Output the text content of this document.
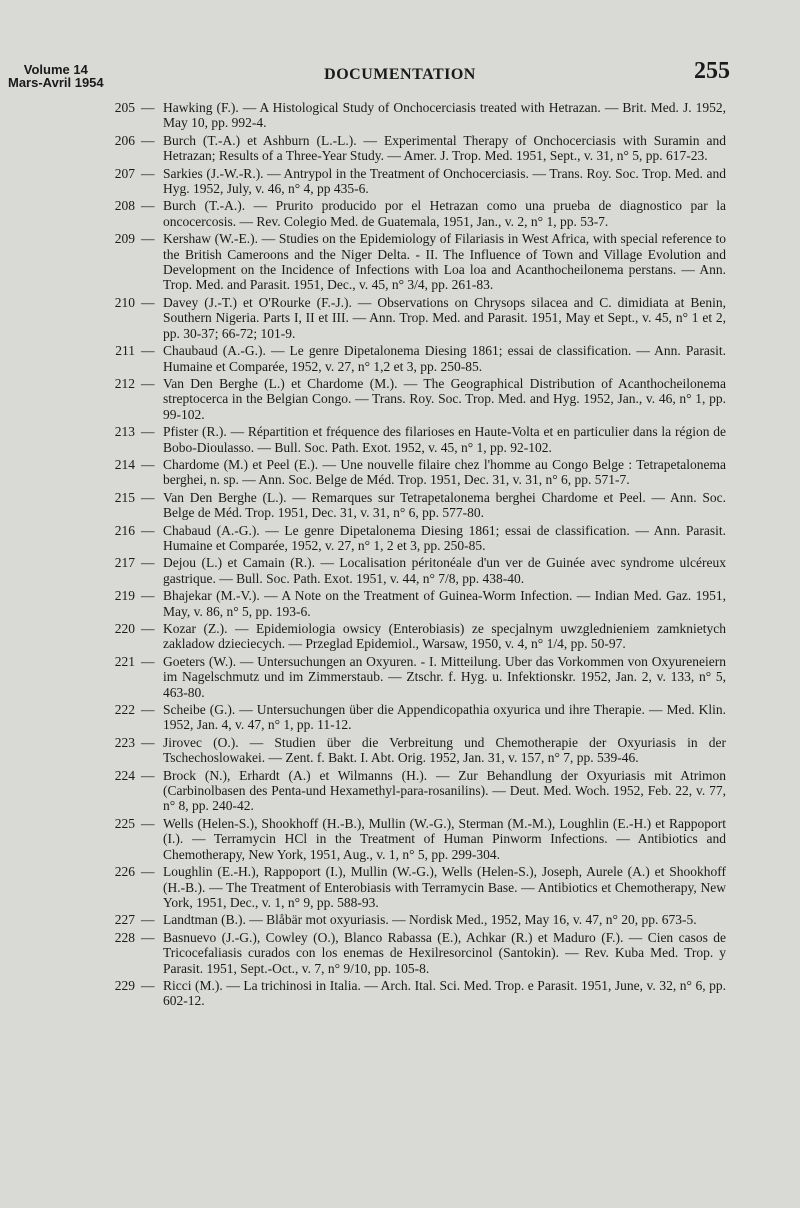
Volume 14
Mars-Avril 1954	DOCUMENTATION	255
205 — Hawking (F.). — A Histological Study of Onchocerciasis treated with Hetrazan. — Brit. Med. J. 1952, May 10, pp. 992-4.
206 — Burch (T.-A.) et Ashburn (L.-L.). — Experimental Therapy of Onchocerciasis with Suramin and Hetrazan; Results of a Three-Year Study. — Amer. J. Trop. Med. 1951, Sept., v. 31, n° 5, pp. 617-23.
207 — Sarkies (J.-W.-R.). — Antrypol in the Treatment of Onchocerciasis. — Trans. Roy. Soc. Trop. Med. and Hyg. 1952, July, v. 46, n° 4, pp 435-6.
208 — Burch (T.-A.). — Prurito producido por el Hetrazan como una prueba de diagnostico par la oncocercosis. — Rev. Colegio Med. de Guatemala, 1951, Jan., v. 2, n° 1, pp. 53-7.
209 — Kershaw (W.-E.). — Studies on the Epidemiology of Filariasis in West Africa, with special reference to the British Cameroons and the Niger Delta. - II. The Influence of Town and Village Evolution and Development on the Incidence of Infections with Loa loa and Acanthocheilonema perstans. — Ann. Trop. Med. and Parasit. 1951, Dec., v. 45, n° 3/4, pp. 261-83.
210 — Davey (J.-T.) et O'Rourke (F.-J.). — Observations on Chrysops silacea and C. dimidiata at Benin, Southern Nigeria. Parts I, II et III. — Ann. Trop. Med. and Parasit. 1951, May et Sept., v. 45, n° 1 et 2, pp. 30-37; 66-72; 101-9.
211 — Chaubaud (A.-G.). — Le genre Dipetalonema Diesing 1861; essai de classification. — Ann. Parasit. Humaine et Comparée, 1952, v. 27, n° 1,2 et 3, pp. 250-85.
212 — Van Den Berghe (L.) et Chardome (M.). — The Geographical Distribution of Acanthocheilonema streptocerca in the Belgian Congo. — Trans. Roy. Soc. Trop. Med. and Hyg. 1952, Jan., v. 46, n° 1, pp. 99-102.
213 — Pfister (R.). — Répartition et fréquence des filarioses en Haute-Volta et en particulier dans la région de Bobo-Dioulasso. — Bull. Soc. Path. Exot. 1952, v. 45, n° 1, pp. 92-102.
214 — Chardome (M.) et Peel (E.). — Une nouvelle filaire chez l'homme au Congo Belge : Tetrapetalonema berghei, n. sp. — Ann. Soc. Belge de Méd. Trop. 1951, Dec. 31, v. 31, n° 6, pp. 571-7.
215 — Van Den Berghe (L.). — Remarques sur Tetrapetalonema berghei Chardome et Peel. — Ann. Soc. Belge de Méd. Trop. 1951, Dec. 31, v. 31, n° 6, pp. 577-80.
216 — Chabaud (A.-G.). — Le genre Dipetalonema Diesing 1861; essai de classification. — Ann. Parasit. Humaine et Comparée, 1952, v. 27, n° 1, 2 et 3, pp. 250-85.
217 — Dejou (L.) et Camain (R.). — Localisation péritonéale d'un ver de Guinée avec syndrome ulcéreux gastrique. — Bull. Soc. Path. Exot. 1951, v. 44, n° 7/8, pp. 438-40.
219 — Bhajekar (M.-V.). — A Note on the Treatment of Guinea-Worm Infection. — Indian Med. Gaz. 1951, May, v. 86, n° 5, pp. 193-6.
220 — Kozar (Z.). — Epidemiologia owsicy (Enterobiasis) ze specjalnym uwzglednieniem zamknietych zakladow dzieciecych. — Przeglad Epidemiol., Warsaw, 1950, v. 4, n° 1/4, pp. 50-97.
221 — Goeters (W.). — Untersuchungen an Oxyuren. - I. Mitteilung. Uber das Vorkommen von Oxyureneiern im Nagelschmutz und im Zimmerstaub. — Ztschr. f. Hyg. u. Infektionskr. 1952, Jan. 2, v. 133, n° 5, 463-80.
222 — Scheibe (G.). — Untersuchungen über die Appendicopathia oxyurica und ihre Therapie. — Med. Klin. 1952, Jan. 4, v. 47, n° 1, pp. 11-12.
223 — Jirovec (O.). — Studien über die Verbreitung und Chemotherapie der Oxyuriasis in der Tschechoslowakei. — Zent. f. Bakt. I. Abt. Orig. 1952, Jan. 31, v. 157, n° 7, pp. 539-46.
224 — Brock (N.), Erhardt (A.) et Wilmanns (H.). — Zur Behandlung der Oxyuriasis mit Atrimon (Carbinolbasen des Penta-und Hexamethyl-para-rosanilins). — Deut. Med. Woch. 1952, Feb. 22, v. 77, n° 8, pp. 240-42.
225 — Wells (Helen-S.), Shookhoff (H.-B.), Mullin (W.-G.), Sterman (M.-M.), Loughlin (E.-H.) et Rappoport (I.). — Terramycin HCl in the Treatment of Human Pinworm Infections. — Antibiotics and Chemotherapy, New York, 1951, Aug., v. 1, n° 5, pp. 299-304.
226 — Loughlin (E.-H.), Rappoport (I.), Mullin (W.-G.), Wells (Helen-S.), Joseph, Aurele (A.) et Shookhoff (H.-B.). — The Treatment of Enterobiasis with Terramycin Base. — Antibiotics et Chemotherapy, New York, 1951, Dec., v. 1, n° 9, pp. 588-93.
227 — Landtman (B.). — Blåbär mot oxyuriasis. — Nordisk Med., 1952, May 16, v. 47, n° 20, pp. 673-5.
228 — Basnuevo (J.-G.), Cowley (O.), Blanco Rabassa (E.), Achkar (R.) et Maduro (F.). — Cien casos de Tricocefaliasis curados con los enemas de Hexilresorcinol (Santokin). — Rev. Kuba Med. Trop. y Parasit. 1951, Sept.-Oct., v. 7, n° 9/10, pp. 105-8.
229 — Ricci (M.). — La trichinosi in Italia. — Arch. Ital. Sci. Med. Trop. e Parasit. 1951, June, v. 32, n° 6, pp. 602-12.
